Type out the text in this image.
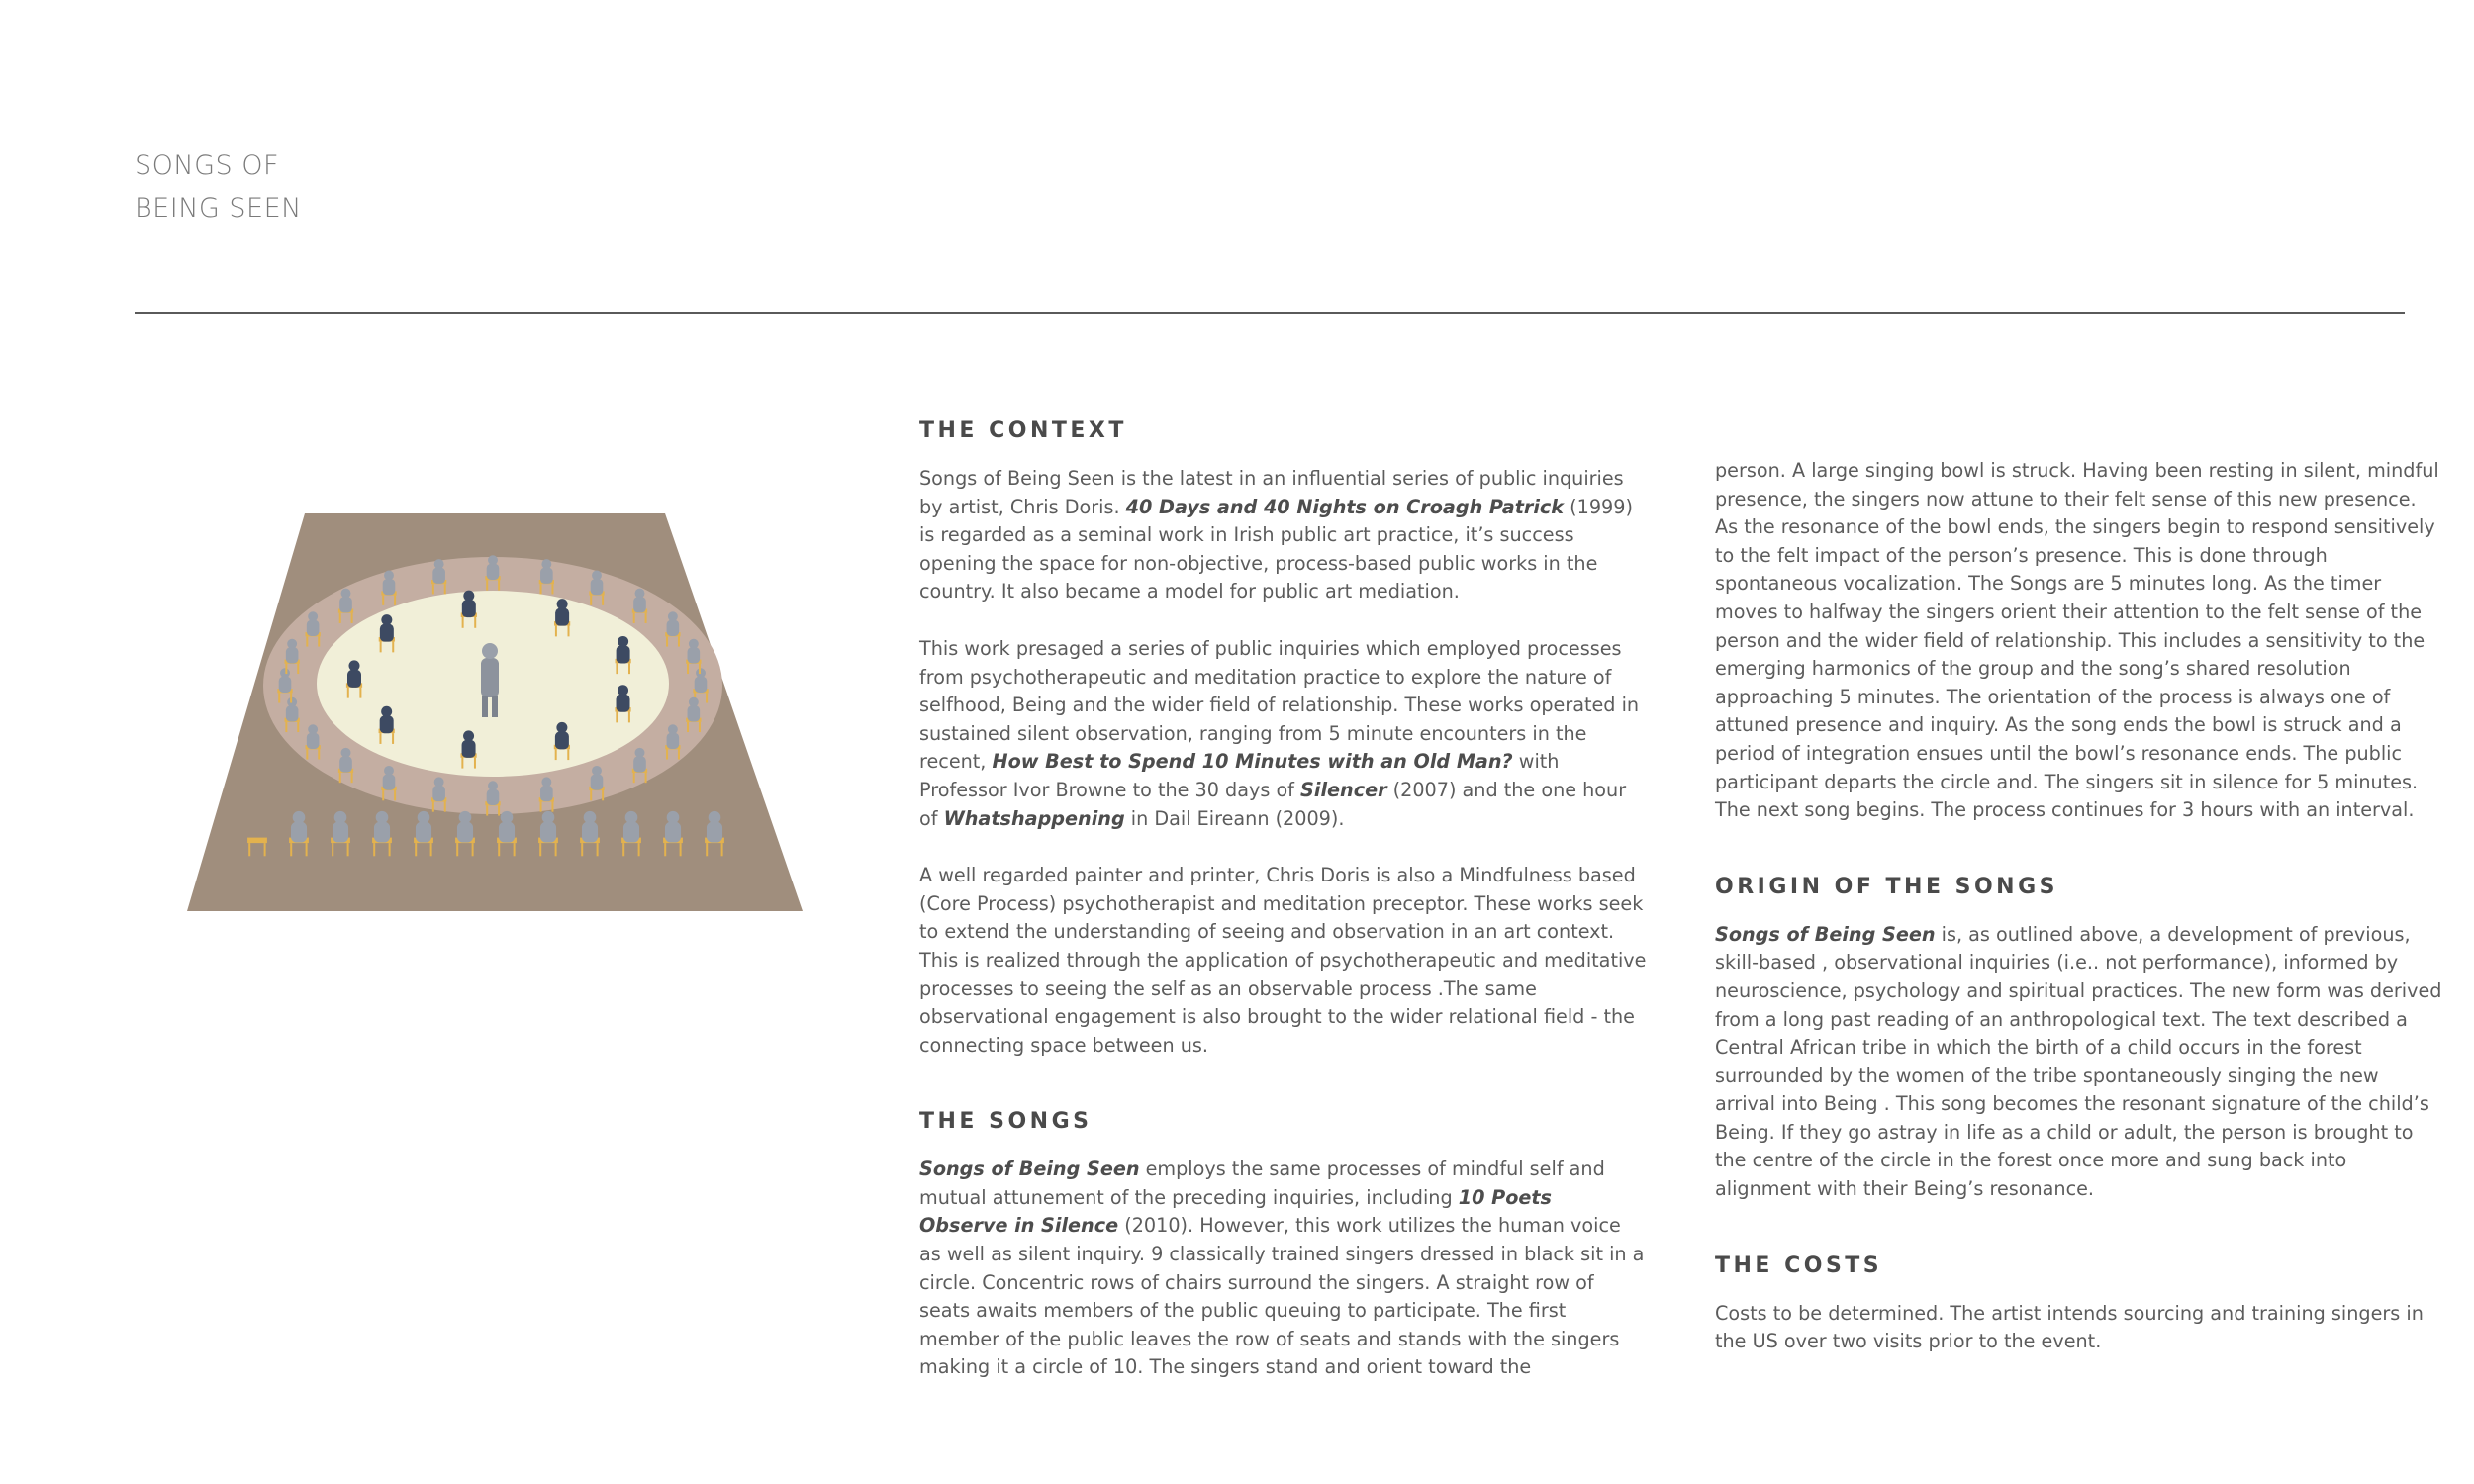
SONGS OF
BEING SEEN
THE CONTEXT

Songs of Being Seen is the latest in an influential series of public inquiries by artist, Chris Doris. 40 Days and 40 Nights on Croagh Patrick (1999) is regarded as a seminal work in Irish public art practice, it’s success opening the space for non-objective, process-based public works in the country. It also became a model for public art mediation.

This work presaged a series of public inquiries which employed processes from psychotherapeutic and meditation practice to explore the nature of selfhood, Being and the wider field of relationship. These works operated in sustained silent observation, ranging from 5 minute encounters in the recent, How Best to Spend 10 Minutes with an Old Man? with Professor Ivor Browne to the 30 days of Silencer (2007) and the one hour of Whatshappening in Dail Eireann (2009).

A well regarded painter and printer, Chris Doris is also a Mindfulness based (Core Process) psychotherapist and meditation preceptor. These works seek to extend the understanding of seeing and observation in an art context. This is realized through the application of psychotherapeutic and meditative processes to seeing the self as an observable process .The same observational engagement is also brought to the wider relational field - the connecting space between us.

THE SONGS

Songs of Being Seen employs the same processes of mindful self and mutual attunement of the preceding inquiries, including 10 Poets Observe in Silence (2010). However, this work utilizes the human voice as well as silent inquiry. 9 classically trained singers dressed in black sit in a circle. Concentric rows of chairs surround the singers. A straight row of seats awaits members of the public queuing to participate. The first member of the public leaves the row of seats and stands with the singers making it a circle of 10. The singers stand and orient toward the

person. A large singing bowl is struck. Having been resting in silent, mindful presence, the singers now attune to their felt sense of this new presence. As the resonance of the bowl ends, the singers begin to respond sensitively to the felt impact of the person’s presence. This is done through spontaneous vocalization. The Songs are 5 minutes long. As the timer moves to halfway the singers orient their attention to the felt sense of the person and the wider field of relationship. This includes a sensitivity to the emerging harmonics of the group and the song’s shared resolution approaching 5 minutes. The orientation of the process is always one of attuned presence and inquiry. As the song ends the bowl is struck and a period of integration ensues until the bowl’s resonance ends. The public participant departs the circle and. The singers sit in silence for 5 minutes. The next song begins. The process continues for 3 hours with an interval.

ORIGIN OF THE SONGS

Songs of Being Seen is, as outlined above, a development of previous, skill-based , observational inquiries (i.e.. not performance), informed by neuroscience, psychology and spiritual practices. The new form was derived from a long past reading of an anthropological text. The text described a Central African tribe in which the birth of a child occurs in the forest surrounded by the women of the tribe spontaneously singing the new arrival into Being . This song becomes the resonant signature of the child’s Being. If they go astray in life as a child or adult, the person is brought to the centre of the circle in the forest once more and sung back into alignment with their Being’s resonance.

THE COSTS

Costs to be determined. The artist intends sourcing and training singers in the US over two visits prior to the event.
